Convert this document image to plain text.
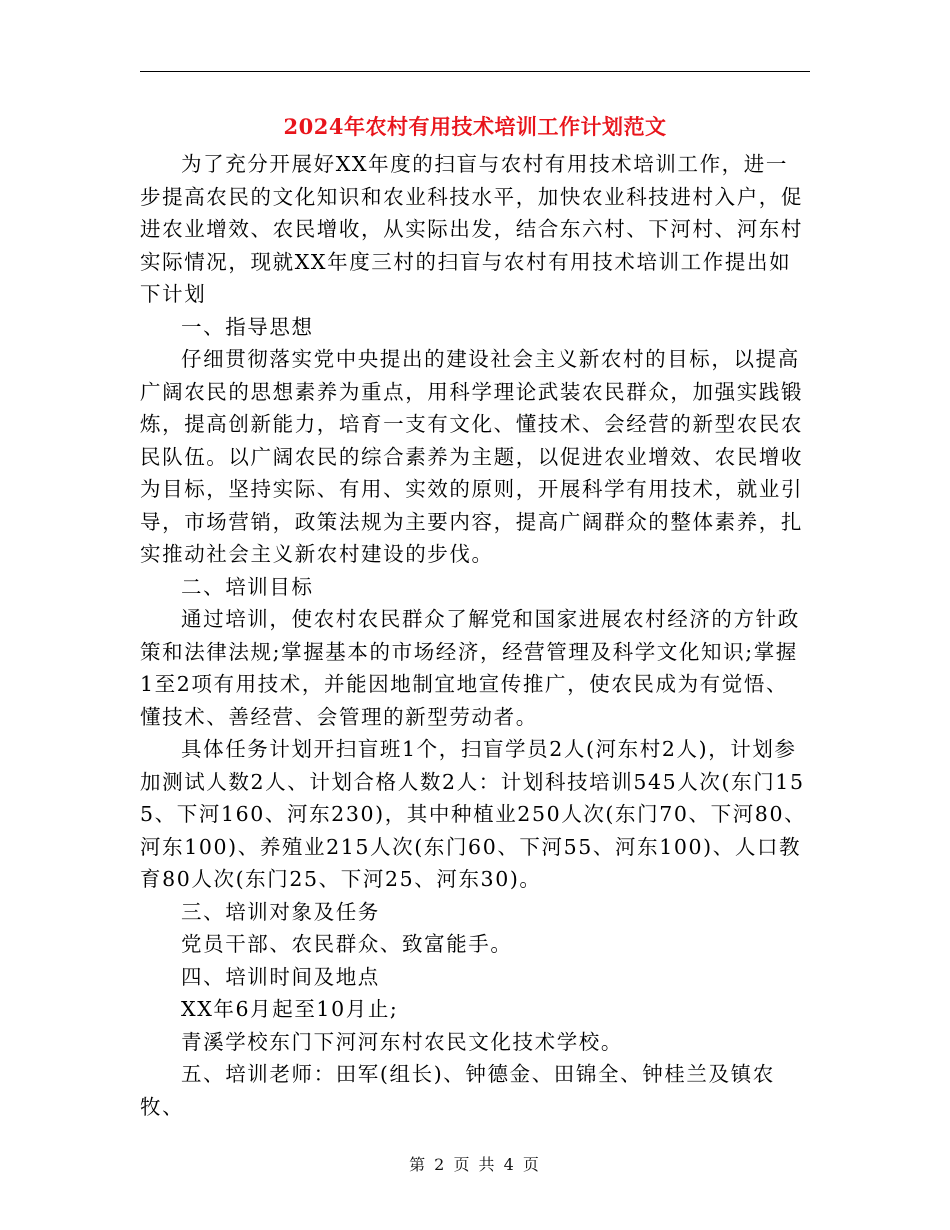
2024年农村有用技术培训工作计划范文

为了充分开展好XX年度的扫盲与农村有用技术培训工作，进一步提高农民的文化知识和农业科技水平，加快农业科技进村入户，促进农业增效、农民增收，从实际出发，结合东六村、下河村、河东村实际情况，现就XX年度三村的扫盲与农村有用技术培训工作提出如下计划

一、指导思想

仔细贯彻落实党中央提出的建设社会主义新农村的目标，以提高广阔农民的思想素养为重点，用科学理论武装农民群众，加强实践锻炼，提高创新能力，培育一支有文化、懂技术、会经营的新型农民农民队伍。以广阔农民的综合素养为主题，以促进农业增效、农民增收为目标，坚持实际、有用、实效的原则，开展科学有用技术，就业引导，市场营销，政策法规为主要内容，提高广阔群众的整体素养，扎实推动社会主义新农村建设的步伐。

二、培训目标

通过培训，使农村农民群众了解党和国家进展农村经济的方针政策和法律法规;掌握基本的市场经济，经营管理及科学文化知识;掌握1至2项有用技术，并能因地制宜地宣传推广，使农民成为有觉悟、懂技术、善经营、会管理的新型劳动者。

具体任务计划开扫盲班1个，扫盲学员2人(河东村2人)，计划参加测试人数2人、计划合格人数2人：计划科技培训545人次(东门155、下河160、河东230)，其中种植业250人次(东门70、下河80、河东100)、养殖业215人次(东门60、下河55、河东100)、人口教育80人次(东门25、下河25、河东30)。

三、培训对象及任务

党员干部、农民群众、致富能手。

四、培训时间及地点

XX年6月起至10月止;

青溪学校东门下河河东村农民文化技术学校。

五、培训老师：田军(组长)、钟德金、田锦全、钟桂兰及镇农牧、

第 2 页 共 4 页
